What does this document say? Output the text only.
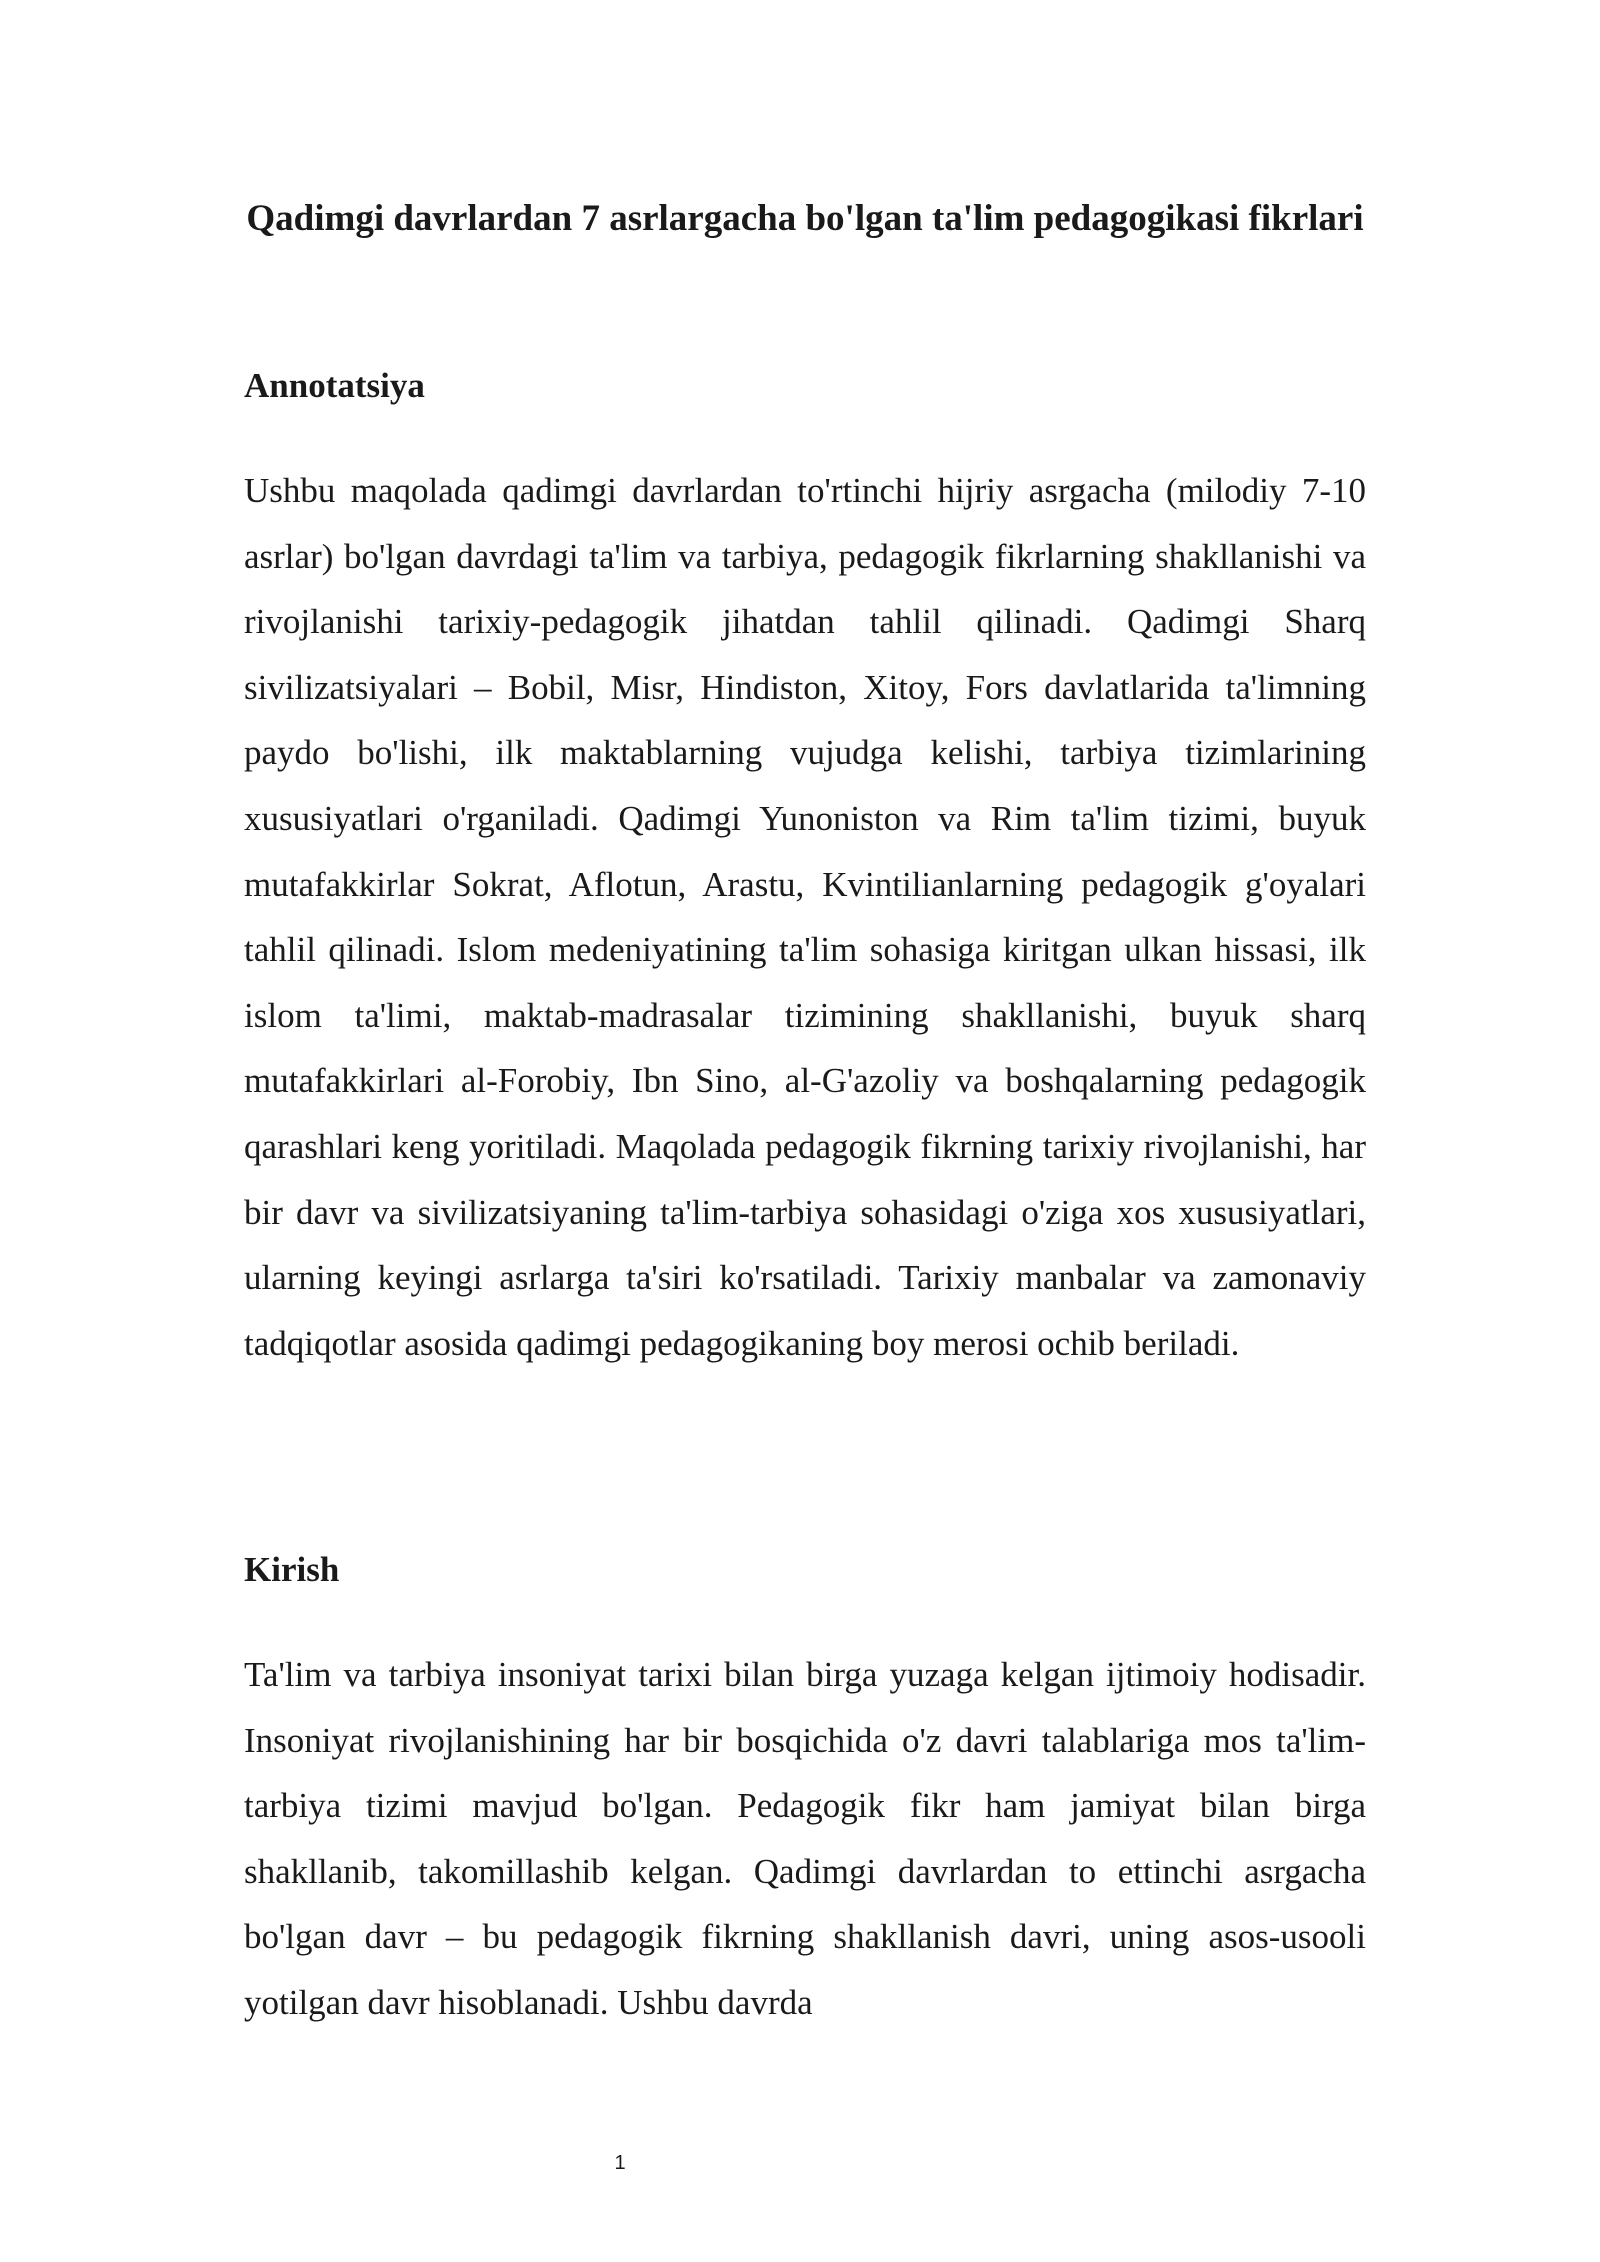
Qadimgi davrlardan 7 asrlargacha bo'lgan ta'lim pedagogikasi fikrlari
Annotatsiya

Ushbu maqolada qadimgi davrlardan to'rtinchi hijriy asrgacha (milodiy 7-10 asrlar) bo'lgan davrdagi ta'lim va tarbiya, pedagogik fikrlarning shakllanishi va rivojlanishi tarixiy-pedagogik jihatdan tahlil qilinadi. Qadimgi Sharq sivilizatsiyalari – Bobil, Misr, Hindiston, Xitoy, Fors davlatlarida ta'limning paydo bo'lishi, ilk maktablarning vujudga kelishi, tarbiya tizimlarining xususiyatlari o'rganiladi. Qadimgi Yunoniston va Rim ta'lim tizimi, buyuk mutafakkirlar Sokrat, Aflotun, Arastu, Kvintilianlarning pedagogik g'oyalari tahlil qilinadi. Islom medeniyatining ta'lim sohasiga kiritgan ulkan hissasi, ilk islom ta'limi, maktab-madrasalar tizimining shakllanishi, buyuk sharq mutafakkirlari al-Forobiy, Ibn Sino, al-G'azoliy va boshqalarning pedagogik qarashlari keng yoritiladi. Maqolada pedagogik fikrning tarixiy rivojlanishi, har bir davr va sivilizatsiyaning ta'lim-tarbiya sohasidagi o'ziga xos xususiyatlari, ularning keyingi asrlarga ta'siri ko'rsatiladi. Tarixiy manbalar va zamonaviy tadqiqotlar asosida qadimgi pedagogikaning boy merosi ochib beriladi.

Kirish

Ta'lim va tarbiya insoniyat tarixi bilan birga yuzaga kelgan ijtimoiy hodisadir. Insoniyat rivojlanishining har bir bosqichida o'z davri talablariga mos ta'lim-tarbiya tizimi mavjud bo'lgan. Pedagogik fikr ham jamiyat bilan birga shakllanib, takomillashib kelgan. Qadimgi davrlardan to ettinchi asrgacha bo'lgan davr – bu pedagogik fikrning shakllanish davri, uning asos-usooli yotilgan davr hisoblanadi. Ushbu davrda

1
